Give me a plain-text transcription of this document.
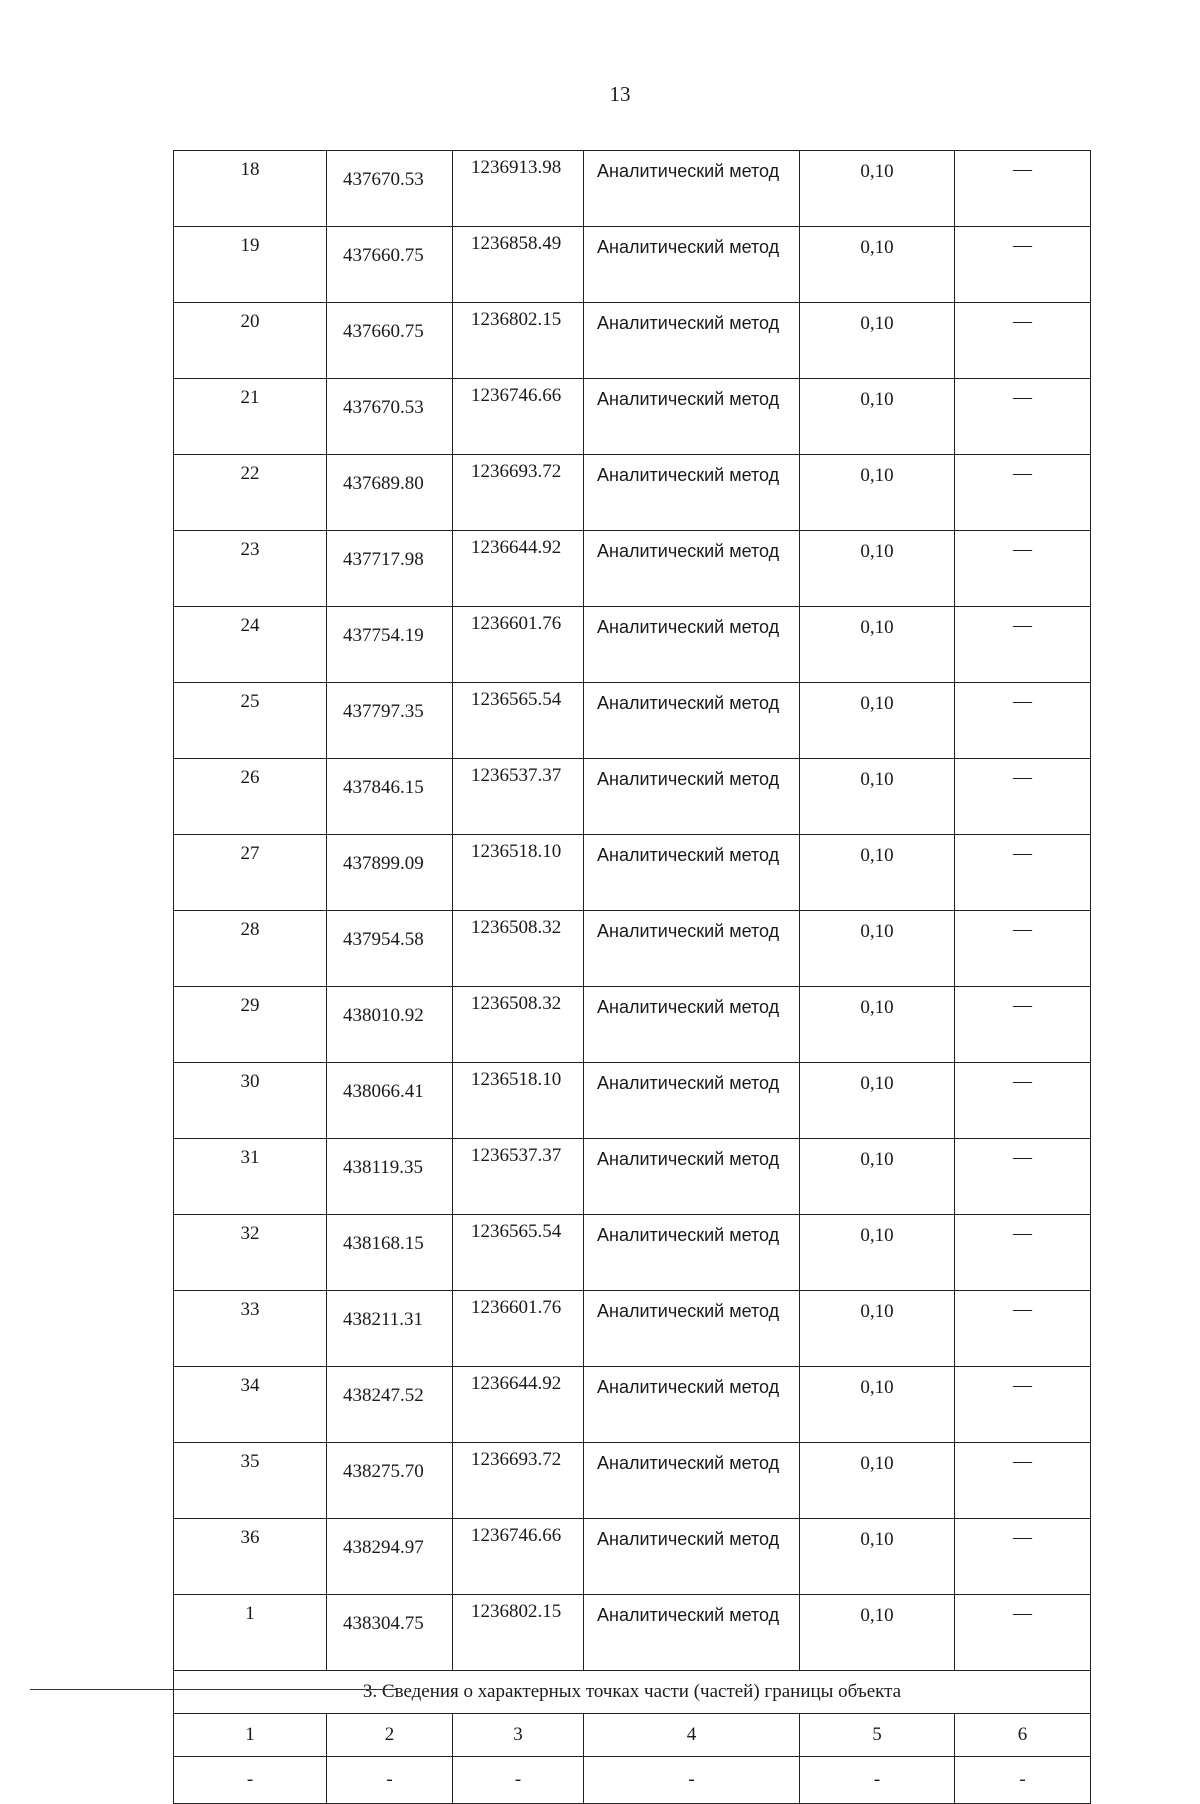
13
18	437670.53	1236913.98	Аналитический метод	0,10	—
19	437660.75	1236858.49	Аналитический метод	0,10	—
20	437660.75	1236802.15	Аналитический метод	0,10	—
21	437670.53	1236746.66	Аналитический метод	0,10	—
22	437689.80	1236693.72	Аналитический метод	0,10	—
23	437717.98	1236644.92	Аналитический метод	0,10	—
24	437754.19	1236601.76	Аналитический метод	0,10	—
25	437797.35	1236565.54	Аналитический метод	0,10	—
26	437846.15	1236537.37	Аналитический метод	0,10	—
27	437899.09	1236518.10	Аналитический метод	0,10	—
28	437954.58	1236508.32	Аналитический метод	0,10	—
29	438010.92	1236508.32	Аналитический метод	0,10	—
30	438066.41	1236518.10	Аналитический метод	0,10	—
31	438119.35	1236537.37	Аналитический метод	0,10	—
32	438168.15	1236565.54	Аналитический метод	0,10	—
33	438211.31	1236601.76	Аналитический метод	0,10	—
34	438247.52	1236644.92	Аналитический метод	0,10	—
35	438275.70	1236693.72	Аналитический метод	0,10	—
36	438294.97	1236746.66	Аналитический метод	0,10	—
1	438304.75	1236802.15	Аналитический метод	0,10	—
3. Сведения о характерных точках части (частей) границы объекта					
1	2	3	4	5	6
-	-	-	-	-	-
